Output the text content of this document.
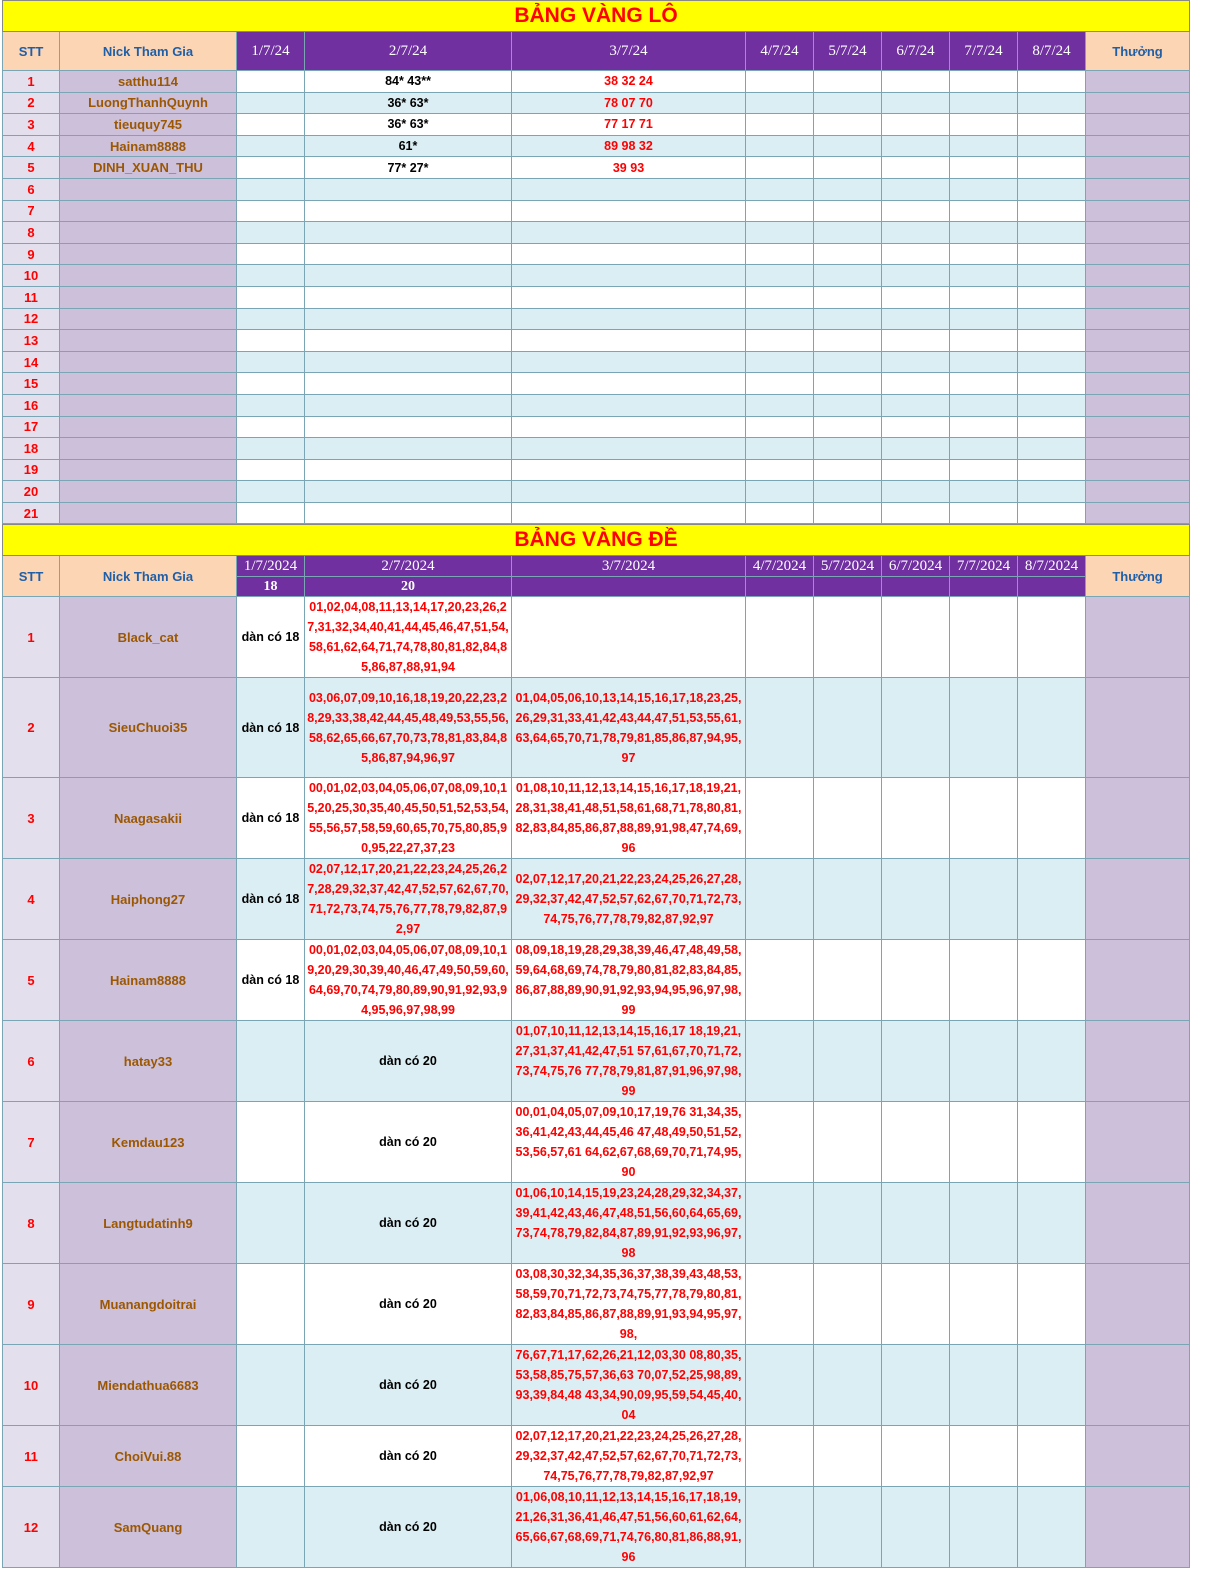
BẢNG VÀNG LÔ										
STT	Nick Tham Gia	1/7/24	2/7/24	3/7/24	4/7/24	5/7/24	6/7/24	7/7/24	8/7/24	Thưởng
1	satthu114		84* 43**	38 32 24						
2	LuongThanhQuynh		36* 63*	78 07 70						
3	tieuquy745		36* 63*	77 17 71						
4	Hainam8888		61*	89 98 32						
5	DINH_XUAN_THU		77* 27*	39 93						
6										
7										
8										
9										
10										
11										
12										
13										
14										
15										
16										
17										
18										
19										
20										
21										
BẢNG VÀNG ĐỀ										
STT	Nick Tham Gia	1/7/2024	2/7/2024	3/7/2024	4/7/2024	5/7/2024	6/7/2024	7/7/2024	8/7/2024	Thưởng
		18	20							
1	Black_cat	dàn có 18	01,02,04,08,11,13,14,17,20,23,26,27,31,32,34,40,41,44,45,46,47,51,54,58,61,62,64,71,74,78,80,81,82,84,85,86,87,88,91,94							
2	SieuChuoi35	dàn có 18	03,06,07,09,10,16,18,19,20,22,23,28,29,33,38,42,44,45,48,49,53,55,56,58,62,65,66,67,70,73,78,81,83,84,85,86,87,94,96,97	01,04,05,06,10,13,14,15,16,17,18,23,25,26,29,31,33,41,42,43,44,47,51,53,55,61,63,64,65,70,71,78,79,81,85,86,87,94,95,97						
3	Naagasakii	dàn có 18	00,01,02,03,04,05,06,07,08,09,10,15,20,25,30,35,40,45,50,51,52,53,54,55,56,57,58,59,60,65,70,75,80,85,90,95,22,27,37,23	01,08,10,11,12,13,14,15,16,17,18,19,21,28,31,38,41,48,51,58,61,68,71,78,80,81,82,83,84,85,86,87,88,89,91,98,47,74,69,96						
4	Haiphong27	dàn có 18	02,07,12,17,20,21,22,23,24,25,26,27,28,29,32,37,42,47,52,57,62,67,70,71,72,73,74,75,76,77,78,79,82,87,92,97	02,07,12,17,20,21,22,23,24,25,26,27,28,29,32,37,42,47,52,57,62,67,70,71,72,73,74,75,76,77,78,79,82,87,92,97						
5	Hainam8888	dàn có 18	00,01,02,03,04,05,06,07,08,09,10,19,20,29,30,39,40,46,47,49,50,59,60,64,69,70,74,79,80,89,90,91,92,93,94,95,96,97,98,99	08,09,18,19,28,29,38,39,46,47,48,49,58,59,64,68,69,74,78,79,80,81,82,83,84,85,86,87,88,89,90,91,92,93,94,95,96,97,98,99						
6	hatay33		dàn có 20	01,07,10,11,12,13,14,15,16,17 18,19,21,27,31,37,41,42,47,51 57,61,67,70,71,72,73,74,75,76 77,78,79,81,87,91,96,97,98,99						
7	Kemdau123		dàn có 20	00,01,04,05,07,09,10,17,19,76 31,34,35,36,41,42,43,44,45,46 47,48,49,50,51,52,53,56,57,61 64,62,67,68,69,70,71,74,95,90						
8	Langtudatinh9		dàn có 20	01,06,10,14,15,19,23,24,28,29,32,34,37,39,41,42,43,46,47,48,51,56,60,64,65,69,73,74,78,79,82,84,87,89,91,92,93,96,97,98						
9	Muanangdoitrai		dàn có 20	03,08,30,32,34,35,36,37,38,39,43,48,53,58,59,70,71,72,73,74,75,77,78,79,80,81,82,83,84,85,86,87,88,89,91,93,94,95,97,98,						
10	Miendathua6683		dàn có 20	76,67,71,17,62,26,21,12,03,30 08,80,35,53,58,85,75,57,36,63 70,07,52,25,98,89,93,39,84,48 43,34,90,09,95,59,54,45,40,04						
11	ChoiVui.88		dàn có 20	02,07,12,17,20,21,22,23,24,25,26,27,28,29,32,37,42,47,52,57,62,67,70,71,72,73,74,75,76,77,78,79,82,87,92,97						
12	SamQuang		dàn có 20	01,06,08,10,11,12,13,14,15,16,17,18,19,21,26,31,36,41,46,47,51,56,60,61,62,64,65,66,67,68,69,71,74,76,80,81,86,88,91,96						
